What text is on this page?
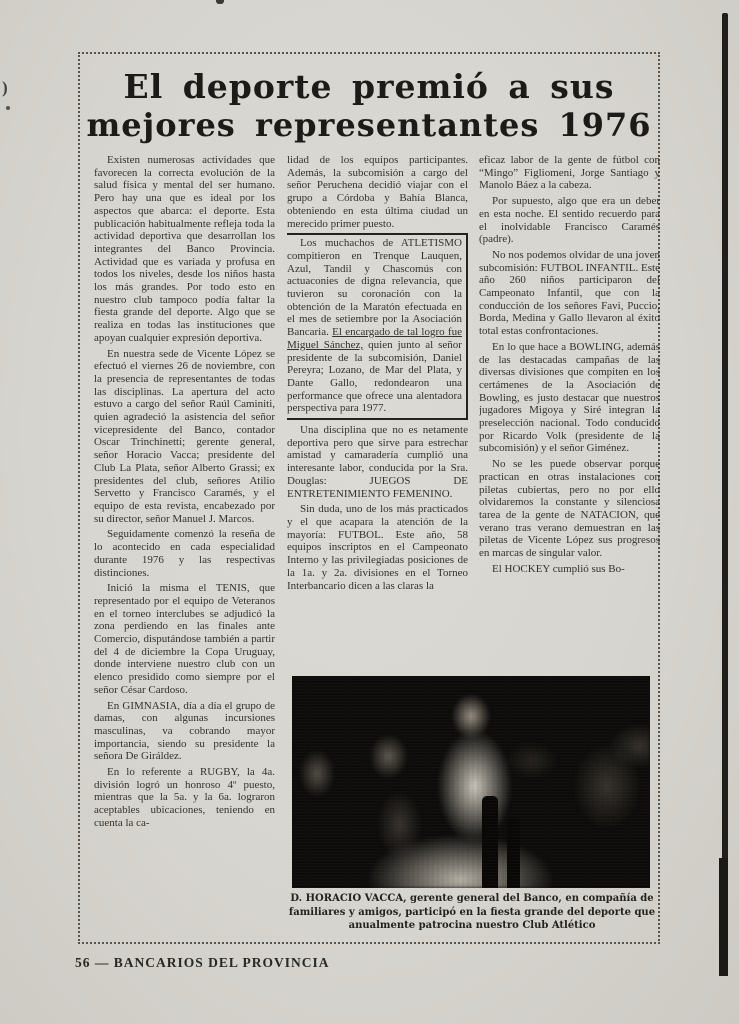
)	El deporte premió a sus
mejores representantes 1976

Existen numerosas actividades que favorecen la correcta evolución de la salud física y mental del ser humano. Pero hay una que es ideal por los aspectos que abarca: el deporte. Esta publicación habitualmente refleja toda la actividad deportiva que desarrollan los integrantes del Banco Provincia. Actividad que es variada y profusa en todos los niveles, desde los niños hasta los más grandes. Por todo esto en nuestro club tampoco podía faltar la fiesta grande del deporte. Algo que se realiza en todas las instituciones que apoyan cualquier expresión deportiva.

En nuestra sede de Vicente López se efectuó el viernes 26 de noviembre, con la presencia de representantes de todas las disciplinas. La apertura del acto estuvo a cargo del señor Raúl Caminiti, quien agradeció la asistencia del señor vicepresidente del Banco, contador Oscar Trinchinetti; gerente general, señor Horacio Vacca; presidente del Club La Plata, señor Alberto Grassi; ex presidentes del club, señores Atilio Servetto y Francisco Caramés, y el equipo de esta revista, encabezado por su director, señor Manuel J. Marcos.

Seguidamente comenzó la reseña de lo acontecido en cada especialidad durante 1976 y las respectivas distinciones.

Inició la misma el TENIS, que representado por el equipo de Veteranos en el torneo interclubes se adjudicó la zona perdiendo en las finales ante Comercio, disputándose también a partir del 4 de diciembre la Copa Uruguay, donde interviene nuestro club con un elenco presidido como siempre por el señor César Cardoso.

En GIMNASIA, día a día el grupo de damas, con algunas incursiones masculinas, va cobrando mayor importancia, siendo su presidente la señora De Giráldez.

En lo referente a RUGBY, la 4a. división logró un honroso 4º puesto, mientras que la 5a. y la 6a. lograron aceptables ubicaciones, teniendo en cuenta la ca-

lidad de los equipos participantes. Además, la subcomisión a cargo del señor Peruchena decidió viajar con el grupo a Córdoba y Bahía Blanca, obteniendo en esta última ciudad un merecido primer puesto.

Los muchachos de ATLETISMO compitieron en Trenque Lauquen, Azul, Tandil y Chascomús con actuaconies de digna relevancia, que tuvieron su coronación con la obtención de la Maratón efectuada en el mes de setiembre por la Asociación Bancaria. El encargado de tal logro fue Miguel Sánchez, quien junto al señor presidente de la subcomisión, Daniel Pereyra; Lozano, de Mar del Plata, y Dante Gallo, redondearon una performance que ofrece una alentadora perspectiva para 1977.

Una disciplina que no es netamente deportiva pero que sirve para estrechar amistad y camaradería cumplió una interesante labor, conducida por la Sra. Douglas: JUEGOS DE ENTRETENIMIENTO FEMENINO.

Sin duda, uno de los más practicados y el que acapara la atención de la mayoría: FUTBOL. Este año, 58 equipos inscriptos en el Campeonato Interno y las privilegiadas posiciones de la 1a. y 2a. divisiones en el Torneo Interbancario dicen a las claras la

eficaz labor de la gente de fútbol con “Mingo” Figliomeni, Jorge Santiago y Manolo Báez a la cabeza.

Por supuesto, algo que era un deber en esta noche. El sentido recuerdo para el inolvidable Francisco Caramés (padre).

No nos podemos olvidar de una joven subcomisión: FUTBOL INFANTIL. Este año 260 niños participaron del Campeonato Infantil, que con la conducción de los señores Favi, Puccio, Borda, Medina y Gallo llevaron al éxito total estas confrontaciones.

En lo que hace a BOWLING, además de las destacadas campañas de las diversas divisiones que compiten en los certámenes de la Asociación de Bowling, es justo destacar que nuestros jugadores Migoya y Siré integran la preselección nacional. Todo conducido por Ricardo Volk (presidente de la subcomisión) y el señor Giménez.

No se les puede observar porque practican en otras instalaciones con piletas cubiertas, pero no por ello olvidaremos la constante y silenciosa tarea de la gente de NATACION, que verano tras verano demuestran en las piletas de Vicente López sus progresos en marcas de singular valor.

El HOCKEY cumplió sus Bo-

D. HORACIO VACCA, gerente general del Banco, en compañía de familiares y amigos, participó en la fiesta grande del deporte que anualmente patrocina nuestro Club Atlético
56 — BANCARIOS DEL PROVINCIA
